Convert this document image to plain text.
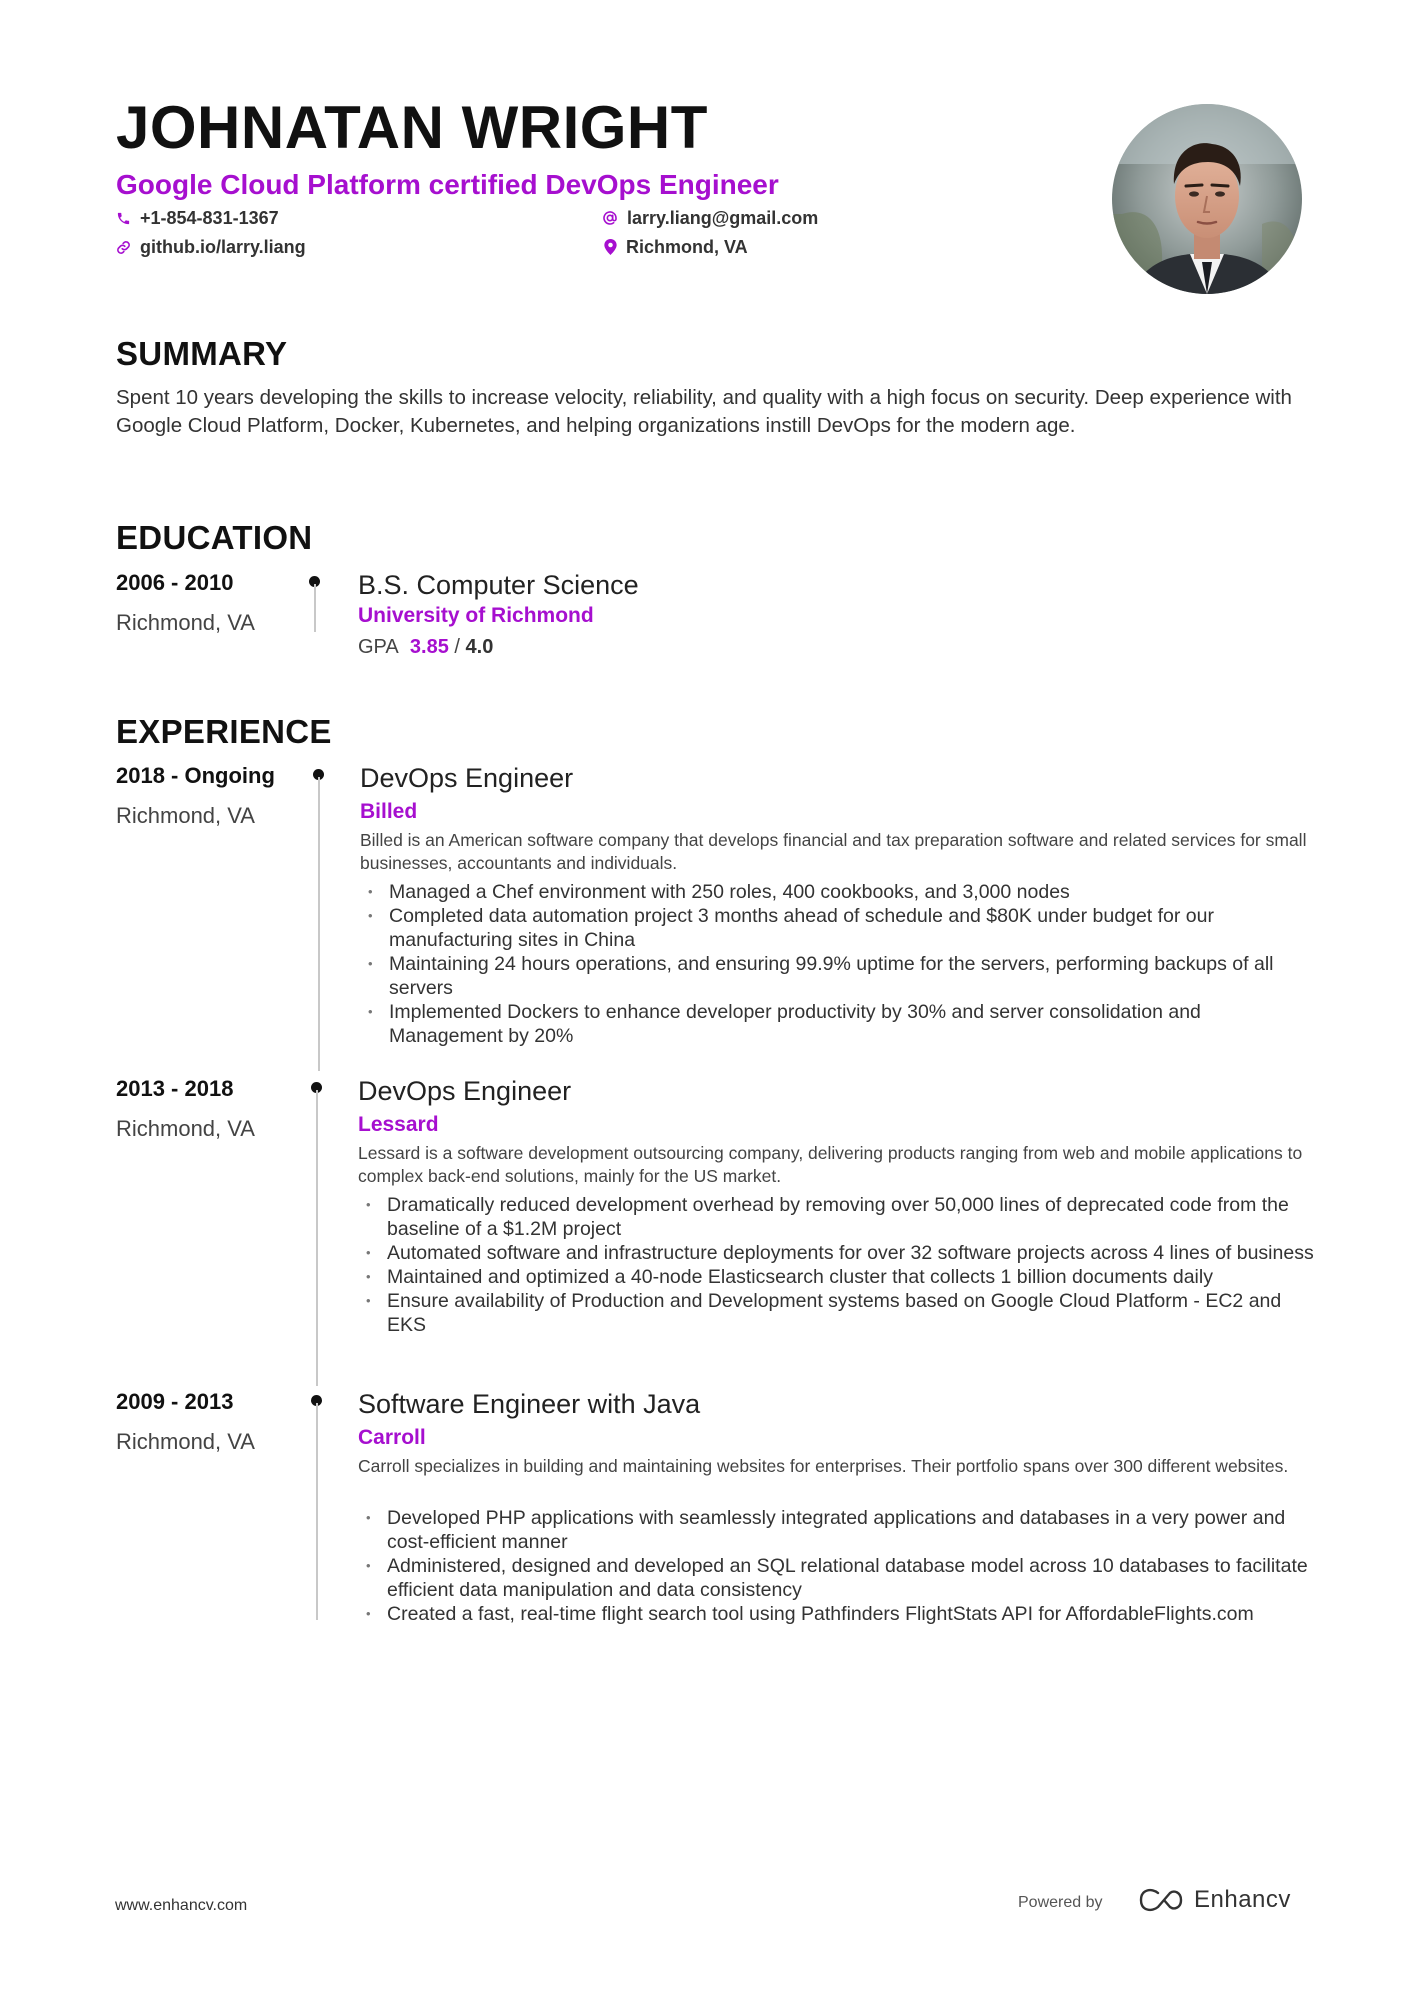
JOHNATAN WRIGHT
Google Cloud Platform certified DevOps Engineer
+1-854-831-1367	larry.liang@gmail.com
github.io/larry.liang	Richmond, VA
SUMMARY
Spent 10 years developing the skills to increase velocity, reliability, and quality with a high focus on security. Deep experience with Google Cloud Platform, Docker, Kubernetes, and helping organizations instill DevOps for the modern age.
EDUCATION
2006 - 2010
Richmond, VA
B.S. Computer Science
University of Richmond
GPA 3.85 / 4.0
EXPERIENCE
2018 - Ongoing
Richmond, VA
DevOps Engineer
Billed
Billed is an American software company that develops financial and tax preparation software and related services for small businesses, accountants and individuals.
• Managed a Chef environment with 250 roles, 400 cookbooks, and 3,000 nodes
• Completed data automation project 3 months ahead of schedule and $80K under budget for our manufacturing sites in China
• Maintaining 24 hours operations, and ensuring 99.9% uptime for the servers, performing backups of all servers
• Implemented Dockers to enhance developer productivity by 30% and server consolidation and Management by 20%
2013 - 2018
Richmond, VA
DevOps Engineer
Lessard
Lessard is a software development outsourcing company, delivering products ranging from web and mobile applications to complex back-end solutions, mainly for the US market.
• Dramatically reduced development overhead by removing over 50,000 lines of deprecated code from the baseline of a $1.2M project
• Automated software and infrastructure deployments for over 32 software projects across 4 lines of business
• Maintained and optimized a 40-node Elasticsearch cluster that collects 1 billion documents daily
• Ensure availability of Production and Development systems based on Google Cloud Platform - EC2 and EKS
2009 - 2013
Richmond, VA
Software Engineer with Java
Carroll
Carroll specializes in building and maintaining websites for enterprises. Their portfolio spans over 300 different websites.
• Developed PHP applications with seamlessly integrated applications and databases in a very power and cost-efficient manner
• Administered, designed and developed an SQL relational database model across 10 databases to facilitate efficient data manipulation and data consistency
• Created a fast, real-time flight search tool using Pathfinders FlightStats API for AffordableFlights.com
www.enhancv.com	Powered by	Enhancv
